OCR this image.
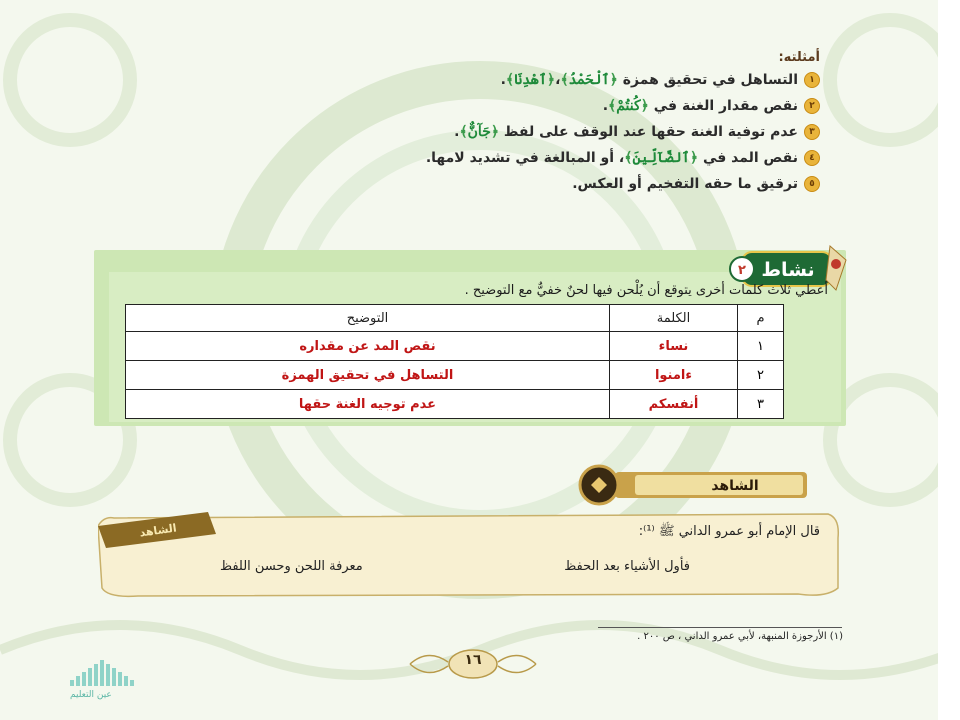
أمثلته:
١
التساهل في تحقيق همزة

﴿
ٱلْحَمْدُ
﴾
،
﴿
ٱهْدِنَا
﴾
.
٢
نقص مقدار الغنة في

﴿
كُنتُمْ
﴾
.
٣
عدم توفية الغنة حقها عند الوقف على لفظ

﴿
جَآنٌّ
﴾
.
٤
نقص المد في

﴿
ٱلضَّآلِّينَ
﴾
، أو المبالغة في تشديد لامها.
٥
ترقيق ما حقه التفخيم أو العكس.
٢ نشاط
أعطي ثلاث كلمات أخرى يتوقع أن يُلْحن فيها لحنٌ خفيٌّ مع التوضيح .
م	الكلمة	التوضيح
١	نساء	نقص المد عن مقداره
٢	ءامنوا	التساهل في تحقيق الهمزة
٣	أنفسكم	عدم توجيه الغنة حقها
الشاهد
الشاهد	قال الإمام أبو عمرو الداني ﷺ ⁽¹⁾:
فأول الأشياء بعد الحفظ
معرفة اللحن وحسن اللفظ
(١) الأرجوزة المنبهة، لأبي عمرو الداني ، ص ٢٠٠ .
١٦
عين التعليم
